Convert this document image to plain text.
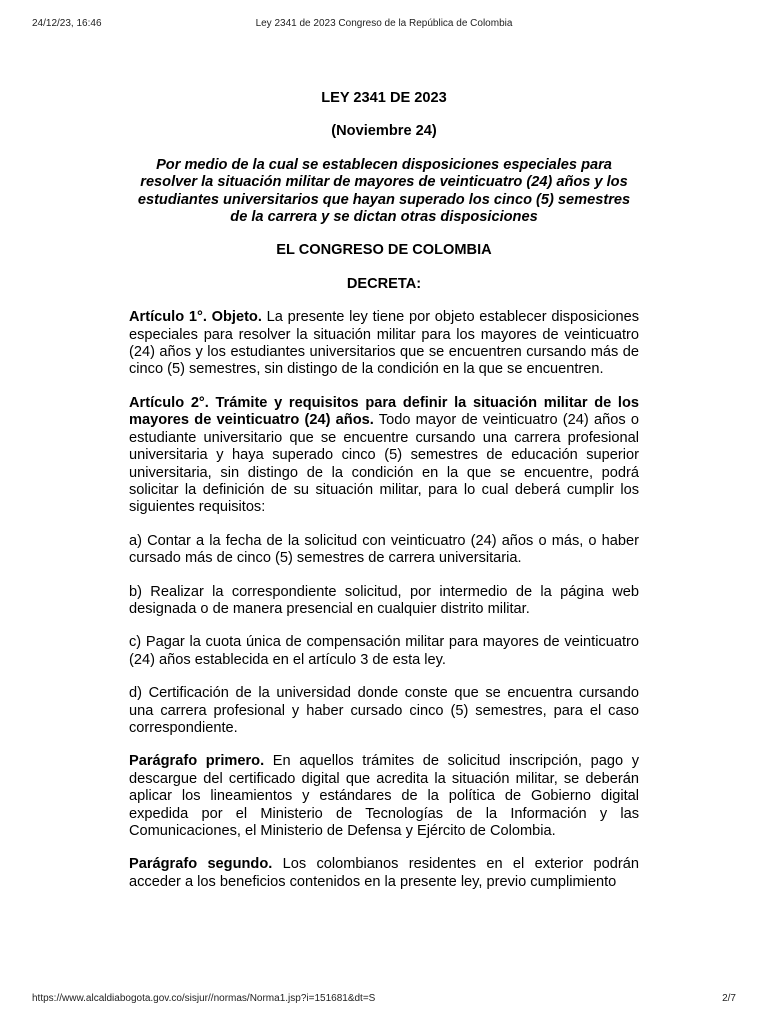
24/12/23, 16:46	Ley 2341 de 2023 Congreso de la República de Colombia

LEY 2341 DE 2023

(Noviembre 24)

Por medio de la cual se establecen disposiciones especiales para resolver la situación militar de mayores de veinticuatro (24) años y los estudiantes universitarios que hayan superado los cinco (5) semestres de la carrera y se dictan otras disposiciones

EL CONGRESO DE COLOMBIA

DECRETA:

Artículo 1°. Objeto. La presente ley tiene por objeto establecer disposiciones especiales para resolver la situación militar para los mayores de veinticuatro (24) años y los estudiantes universitarios que se encuentren cursando más de cinco (5) semestres, sin distingo de la condición en la que se encuentren.

Artículo 2°. Trámite y requisitos para definir la situación militar de los mayores de veinticuatro (24) años. Todo mayor de veinticuatro (24) años o estudiante universitario que se encuentre cursando una carrera profesional universitaria y haya superado cinco (5) semestres de educación superior universitaria, sin distingo de la condición en la que se encuentre, podrá solicitar la definición de su situación militar, para lo cual deberá cumplir los siguientes requisitos:

a) Contar a la fecha de la solicitud con veinticuatro (24) años o más, o haber cursado más de cinco (5) semestres de carrera universitaria.

b) Realizar la correspondiente solicitud, por intermedio de la página web designada o de manera presencial en cualquier distrito militar.

c) Pagar la cuota única de compensación militar para mayores de veinticuatro (24) años establecida en el artículo 3 de esta ley.

d) Certificación de la universidad donde conste que se encuentra cursando una carrera profesional y haber cursado cinco (5) semestres, para el caso correspondiente.

Parágrafo primero. En aquellos trámites de solicitud inscripción, pago y descargue del certificado digital que acredita la situación militar, se deberán aplicar los lineamientos y estándares de la política de Gobierno digital expedida por el Ministerio de Tecnologías de la Información y las Comunicaciones, el Ministerio de Defensa y Ejército de Colombia.

Parágrafo segundo. Los colombianos residentes en el exterior podrán acceder a los beneficios contenidos en la presente ley, previo cumplimiento

https://www.alcaldiabogota.gov.co/sisjur//normas/Norma1.jsp?i=151681&dt=S	2/7
